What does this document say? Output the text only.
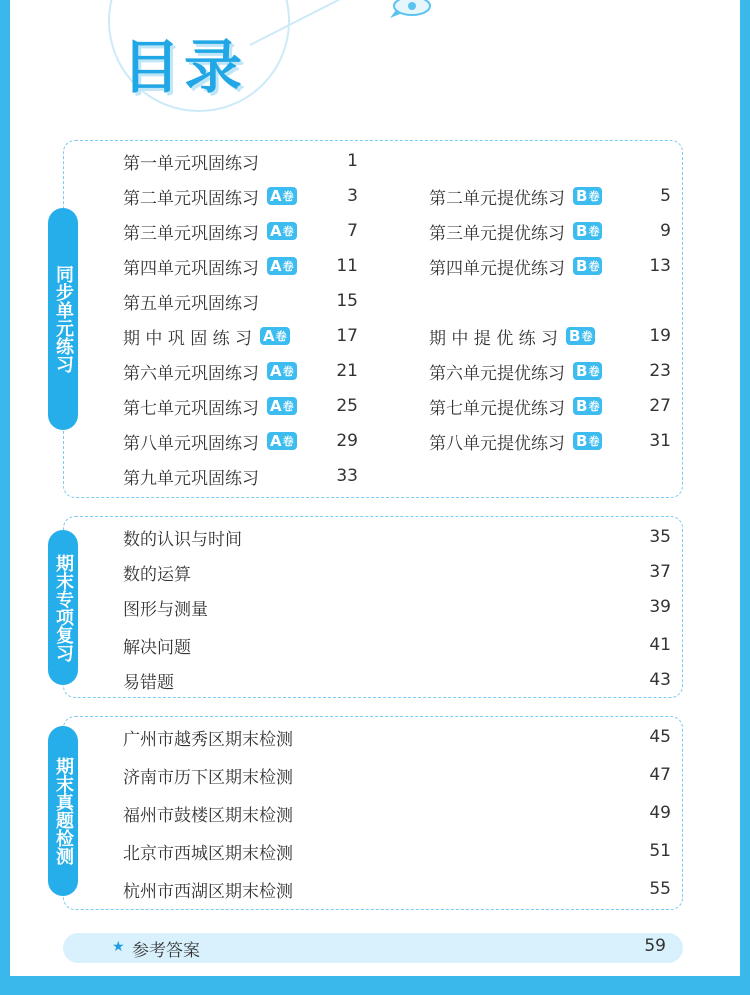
目录
同步单元练习
第一单元巩固练习	1
第二单元巩固练习 A 卷	3
第三单元巩固练习 A 卷	7
第四单元巩固练习 A 卷	11
第五单元巩固练习	15
期 中 巩 固 练 习 A 卷	17
第六单元巩固练习 A 卷	21
第七单元巩固练习 A 卷	25
第八单元巩固练习 A 卷	29
第九单元巩固练习	33
第二单元提优练习 B 卷	5
第三单元提优练习 B 卷	9
第四单元提优练习 B 卷	13
期 中 提 优 练 习 B 卷	19
第六单元提优练习 B 卷	23
第七单元提优练习 B 卷	27
第八单元提优练习 B 卷	31
期末专项复习
数的认识与时间	35
数的运算	37
图形与测量	39
解决问题	41
易错题	43
期末真题检测
广州市越秀区期末检测	45
济南市历下区期末检测	47
福州市鼓楼区期末检测	49
北京市西城区期末检测	51
杭州市西湖区期末检测	55
★ 参考答案	59
